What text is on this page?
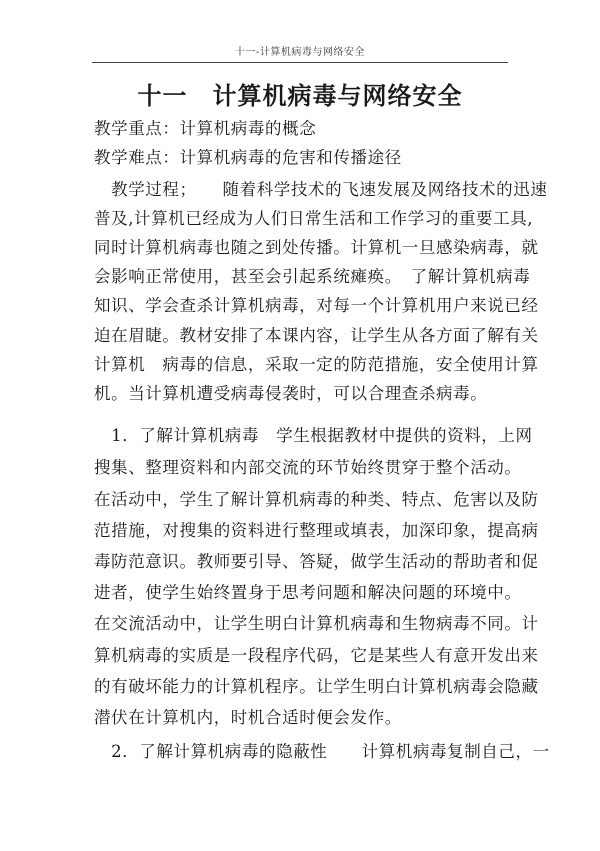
十一-计算机病毒与网络安全
十一　计算机病毒与网络安全
教学重点：计算机病毒的概念
教学难点：计算机病毒的危害和传播途径
　教学过程；　　随着科学技术的飞速发展及网络技术的迅速
普及,计算机已经成为人们日常生活和工作学习的重要工具,
同时计算机病毒也随之到处传播。计算机一旦感染病毒，就
会影响正常使用，甚至会引起系统瘫痪。　了解计算机病毒
知识、学会查杀计算机病毒，对每一个计算机用户来说已经
迫在眉睫。教材安排了本课内容，让学生从各方面了解有关
计算机　病毒的信息，采取一定的防范措施，安全使用计算
机。当计算机遭受病毒侵袭时，可以合理查杀病毒。
　1．了解计算机病毒　学生根据教材中提供的资料，上网
搜集、整理资料和内部交流的环节始终贯穿于整个活动。
在活动中，学生了解计算机病毒的种类、特点、危害以及防
范措施，对搜集的资料进行整理或填表，加深印象，提高病
毒防范意识。教师要引导、答疑，做学生活动的帮助者和促
进者，使学生始终置身于思考问题和解决问题的环境中。
在交流活动中，让学生明白计算机病毒和生物病毒不同。计
算机病毒的实质是一段程序代码，它是某些人有意开发出来
的有破坏能力的计算机程序。让学生明白计算机病毒会隐藏
潜伏在计算机内，时机合适时便会发作。
　2．了解计算机病毒的隐蔽性　　计算机病毒复制自己，一
